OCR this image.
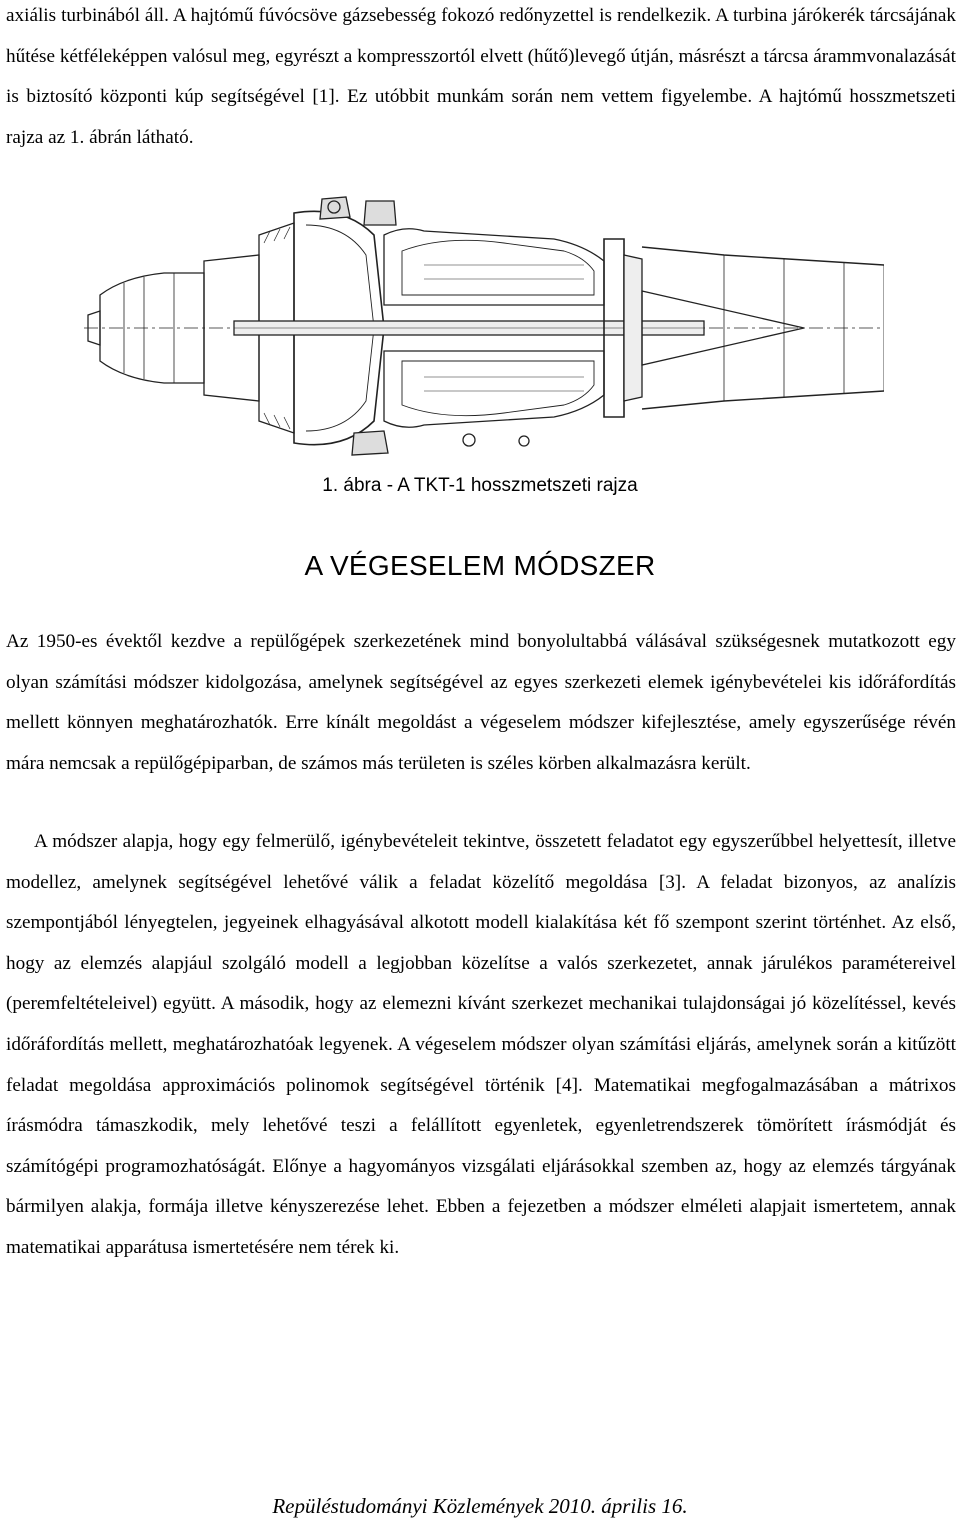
axiális turbinából áll. A hajtómű fúvócsöve gázsebesség fokozó redőnyzettel is rendelkezik. A turbina járókerék tárcsájának hűtése kétféleképpen valósul meg, egyrészt a kompresszortól elvett (hűtő)levegő útján, másrészt a tárcsa árammvonalazását is biztosító központi kúp segítségével [1]. Ez utóbbit munkám során nem vettem figyelembe. A hajtómű hosszmetszeti rajza az 1. ábrán látható.

1. ábra - A TKT-1 hosszmetszeti rajza
A VÉGESELEM MÓDSZER

Az 1950-es évektől kezdve a repülőgépek szerkezetének mind bonyolultabbá válásával szükségesnek mutatkozott egy olyan számítási módszer kidolgozása, amelynek segítségével az egyes szerkezeti elemek igénybevételei kis időráfordítás mellett könnyen meghatározhatók. Erre kínált megoldást a végeselem módszer kifejlesztése, amely egyszerűsége révén mára nemcsak a repülőgépiparban, de számos más területen is széles körben alkalmazásra került.

A módszer alapja, hogy egy felmerülő, igénybevételeit tekintve, összetett feladatot egy egyszerűbbel helyettesít, illetve modellez, amelynek segítségével lehetővé válik a feladat közelítő megoldása [3]. A feladat bizonyos, az analízis szempontjából lényegtelen, jegyeinek elhagyásával alkotott modell kialakítása két fő szempont szerint történhet. Az első, hogy az elemzés alapjául szolgáló modell a legjobban közelítse a valós szerkezetet, annak járulékos paramétereivel (peremfeltételeivel) együtt. A második, hogy az elemezni kívánt szerkezet mechanikai tulajdonságai jó közelítéssel, kevés időráfordítás mellett, meghatározhatóak legyenek. A végeselem módszer olyan számítási eljárás, amelynek során a kitűzött feladat megoldása approximációs polinomok segítségével történik [4]. Matematikai megfogalmazásában a mátrixos írásmódra támaszkodik, mely lehetővé teszi a felállított egyenletek, egyenletrendszerek tömörített írásmódját és számítógépi programozhatóságát. Előnye a hagyományos vizsgálati eljárásokkal szemben az, hogy az elemzés tárgyának bármilyen alakja, formája illetve kényszerezése lehet. Ebben a fejezetben a módszer elméleti alapjait ismertetem, annak matematikai apparátusa ismertetésére nem térek ki.

Repüléstudományi Közlemények 2010. április 16.
